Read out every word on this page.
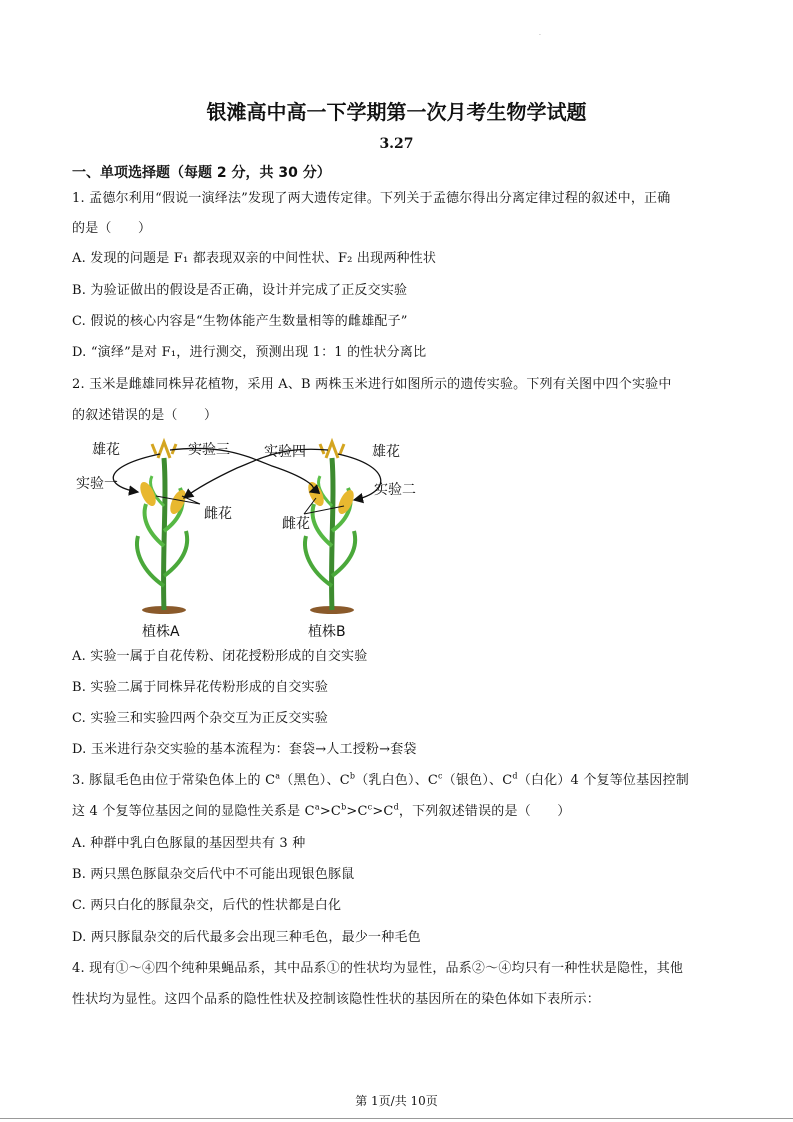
.
银滩高中高一下学期第一次月考生物学试题
3.27
一、单项选择题（每题 2 分，共 30 分）
1. 孟德尔利用“假说一演绎法”发现了两大遗传定律。下列关于孟德尔得出分离定律过程的叙述中，正确
的是（　　）
A. 发现的问题是 F₁ 都表现双亲的中间性状、F₂ 出现两种性状
B. 为验证做出的假设是否正确，设计并完成了正反交实验
C. 假说的核心内容是“生物体能产生数量相等的雌雄配子”
D. “演绎”是对 F₁，进行测交，预测出现 1：1 的性状分离比
2. 玉米是雌雄同株异花植物，采用 A、B 两株玉米进行如图所示的遗传实验。下列有关图中四个实验中
的叙述错误的是（　　）
雄花	实验三 实验四	雄花
实验一	实验二
雌花
雌花
植株A	植株B
A. 实验一属于自花传粉、闭花授粉形成的自交实验
B. 实验二属于同株异花传粉形成的自交实验
C. 实验三和实验四两个杂交互为正反交实验
D. 玉米进行杂交实验的基本流程为：套袋→人工授粉→套袋
3. 豚鼠毛色由位于常染色体上的 $C^a$（黑色）、$C^b$（乳白色）、$C^c$（银色）、$C^d$（白化）4 个复等位基因控制
这 4 个复等位基因之间的显隐性关系是 $C^a>C^b>C^c>C^d$，下列叙述错误的是（　　）
A. 种群中乳白色豚鼠的基因型共有 3 种
B. 两只黑色豚鼠杂交后代中不可能出现银色豚鼠
C. 两只白化的豚鼠杂交，后代的性状都是白化
D. 两只豚鼠杂交的后代最多会出现三种毛色，最少一种毛色
4. 现有①～④四个纯种果蝇品系，其中品系①的性状均为显性，品系②～④均只有一种性状是隐性，其他
性状均为显性。这四个品系的隐性性状及控制该隐性性状的基因所在的染色体如下表所示：
第 1页/共 10页
